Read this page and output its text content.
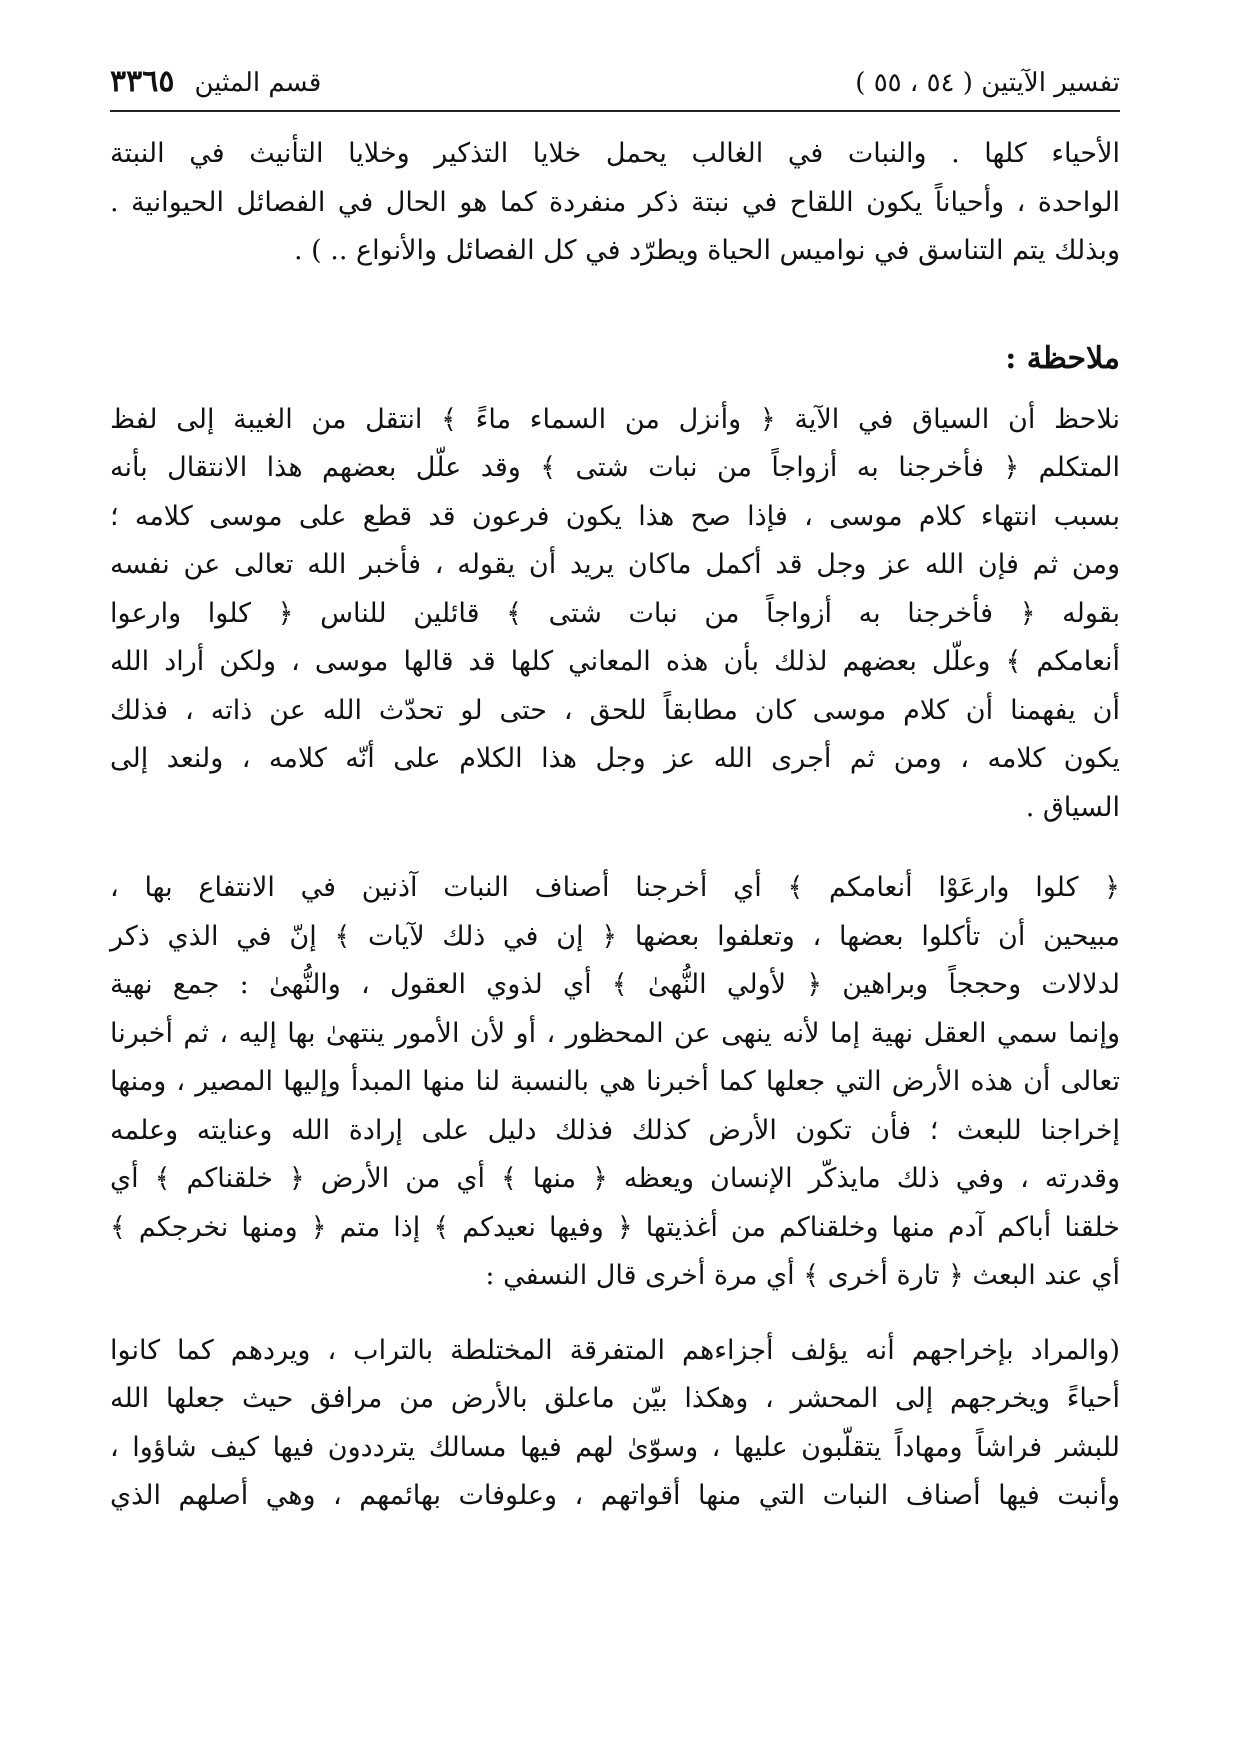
تفسير الآيتين ( ٥٤ ، ٥٥ )
قسم المثين
٣٣٦٥

الأحياء كلها . والنبات في الغالب يحمل خلايا التذكير وخلايا التأنيث في النبتة
الواحدة ، وأحياناً يكون اللقاح في نبتة ذكر منفردة كما هو الحال في الفصائل الحيوانية .
وبذلك يتم التناسق في نواميس الحياة ويطرّد في كل الفصائل والأنواع .. ) .

ملاحظة :

نلاحظ أن السياق في الآية ﴿ وأنزل من السماء ماءً ﴾ انتقل من الغيبة إلى لفظ
المتكلم ﴿ فأخرجنا به أزواجاً من نبات شتى ﴾ وقد علّل بعضهم هذا الانتقال بأنه
بسبب انتهاء كلام موسى ، فإذا صح هذا يكون فرعون قد قطع على موسى كلامه ؛
ومن ثم فإن الله عز وجل قد أكمل ماكان يريد أن يقوله ، فأخبر الله تعالى عن نفسه
بقوله ﴿ فأخرجنا به أزواجاً من نبات شتى ﴾ قائلين للناس ﴿ كلوا وارعوا
أنعامكم ﴾ وعلّل بعضهم لذلك بأن هذه المعاني كلها قد قالها موسى ، ولكن أراد الله
أن يفهمنا أن كلام موسى كان مطابقاً للحق ، حتى لو تحدّث الله عن ذاته ، فذلك
يكون كلامه ، ومن ثم أجرى الله عز وجل هذا الكلام على أنّه كلامه ، ولنعد إلى
السياق .

﴿ كلوا وارعَوْا أنعامكم ﴾ أي أخرجنا أصناف النبات آذنين في الانتفاع بها ،
مبيحين أن تأكلوا بعضها ، وتعلفوا بعضها ﴿ إن في ذلك لآيات ﴾ إنّ في الذي ذكر
لدلالات وحججاً وبراهين ﴿ لأولي النُّهىٰ ﴾ أي لذوي العقول ، والنُّهىٰ : جمع نهية
وإنما سمي العقل نهية إما لأنه ينهى عن المحظور ، أو لأن الأمور ينتهىٰ بها إليه ، ثم أخبرنا
تعالى أن هذه الأرض التي جعلها كما أخبرنا هي بالنسبة لنا منها المبدأ وإليها المصير ، ومنها
إخراجنا للبعث ؛ فأن تكون الأرض كذلك فذلك دليل على إرادة الله وعنايته وعلمه
وقدرته ، وفي ذلك مايذكّر الإنسان ويعظه ﴿ منها ﴾ أي من الأرض ﴿ خلقناكم ﴾ أي
خلقنا أباكم آدم منها وخلقناكم من أغذيتها ﴿ وفيها نعيدكم ﴾ إذا متم ﴿ ومنها نخرجكم ﴾
أي عند البعث ﴿ تارة أخرى ﴾ أي مرة أخرى قال النسفي :

(والمراد بإخراجهم أنه يؤلف أجزاءهم المتفرقة المختلطة بالتراب ، ويردهم كما كانوا
أحياءً ويخرجهم إلى المحشر ، وهكذا بيّن ماعلق بالأرض من مرافق حيث جعلها الله
للبشر فراشاً ومهاداً يتقلّبون عليها ، وسوّىٰ لهم فيها مسالك يترددون فيها كيف شاؤوا ،
وأنبت فيها أصناف النبات التي منها أقواتهم ، وعلوفات بهائمهم ، وهي أصلهم الذي
